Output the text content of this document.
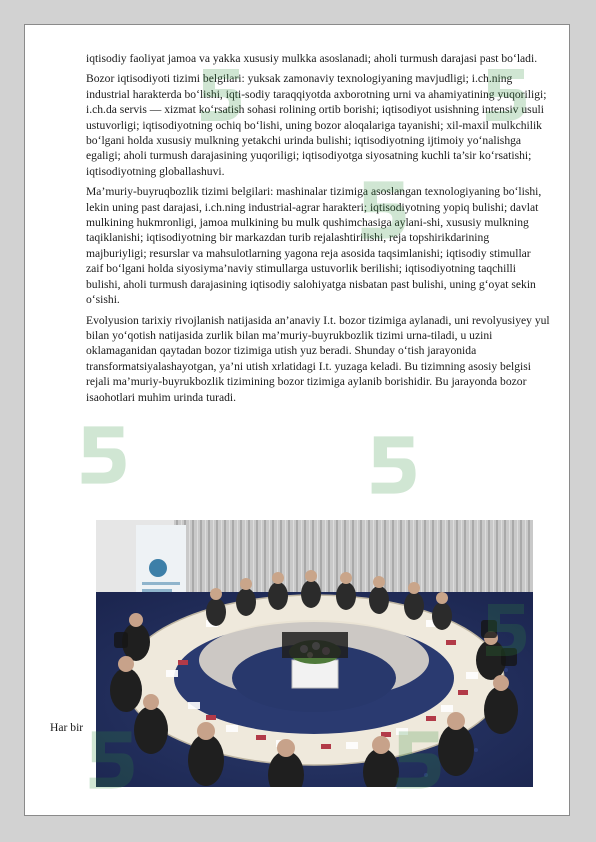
iqtisodiy faoliyat jamoa va yakka xususiy mulkka asoslanadi; aholi turmush darajasi past bo‘ladi.

Bozor iqtisodiyoti tizimi belgilari: yuksak zamonaviy texnologiyaning mavjudligi; i.ch.ning industrial harakterda bo‘lishi, iqti-sodiy taraqqiyotda axborotning urni va ahamiyatining yuqoriligi; i.ch.da servis — xizmat ko‘rsatish sohasi rolining ortib borishi; iqtisodiyot usishning intensiv usuli ustuvorligi; iqtisodiyotning ochiq bo‘lishi, uning bozor aloqalariga tayanishi; xil-maxil mulkchilik bo‘lgani holda xususiy mulkning yetakchi urinda bulishi; iqtisodiyotning ijtimoiy yo‘nalishga egaligi; aholi turmush darajasining yuqoriligi; iqtisodiyotga siyosatning kuchli ta’sir ko‘rsatishi; iqtisodiyotning globallashuvi.

Ma’muriy-buyruqbozlik tizimi belgilari: mashinalar tizimiga asoslangan texnologiyaning bo‘lishi, lekin uning past darajasi, i.ch.ning industrial-agrar harakteri; iqtisodiyotning yopiq bulishi; davlat mulkining hukmronligi, jamoa mulkining bu mulk qushimchasiga aylani-shi, xususiy mulkning taqiklanishi; iqtisodiyotning bir markazdan turib rejalashtirilishi, reja topshirikdarining majburiyligi; resurslar va mahsulotlarning yagona reja asosida taqsimlanishi; iqtisodiy stimullar zaif bo‘lgani holda siyosiyma’naviy stimullarga ustuvorlik berilishi; iqtisodiyotning taqchilli bulishi, aholi turmush darajasining iqtisodiy salohiyatga nisbatan past bulishi, uning g‘oyat sekin o‘sishi.

Evolyusion tarixiy rivojlanish natijasida an’anaviy I.t. bozor tizimiga aylanadi, uni revolyusiyey yul bilan yo‘qotish natijasida zurlik bilan ma’muriy-buyrukbozlik tizimi urna-tiladi, u uzini oklamaganidan qaytadan bozor tizimiga utish yuz beradi. Shunday o‘tish jarayonida transformatsiyalashayotgan, ya’ni utish xrlatidagi I.t. yuzaga keladi. Bu tizimning asosiy belgisi rejali ma’muriy-buyrukbozlik tizimining bozor tizimiga aylanib borishidir. Bu jarayonda bozor isaohotlari muhim urinda turadi.

Har bir
